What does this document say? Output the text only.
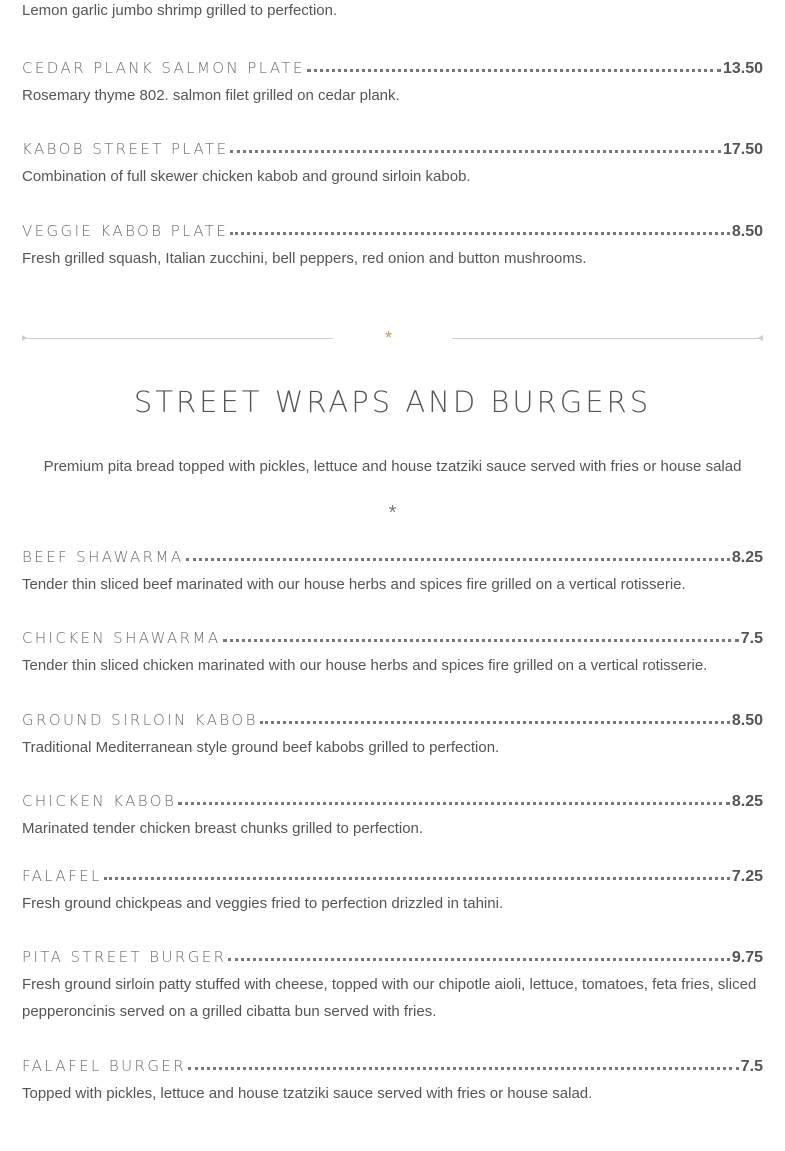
Lemon garlic jumbo shrimp grilled to perfection.
CEDAR PLANK SALMON PLATE	13.50
Rosemary thyme 802. salmon filet grilled on cedar plank.
KABOB STREET PLATE	17.50
Combination of full skewer chicken kabob and ground sirloin kabob.
VEGGIE KABOB PLATE	8.50
Fresh grilled squash, Italian zucchini, bell peppers, red onion and button mushrooms.
*
STREET WRAPS AND BURGERS
Premium pita bread topped with pickles, lettuce and house tzatziki sauce served with fries or house salad
*
BEEF SHAWARMA	8.25
Tender thin sliced beef marinated with our house herbs and spices fire grilled on a vertical rotisserie.
CHICKEN SHAWARMA	7.5
Tender thin sliced chicken marinated with our house herbs and spices fire grilled on a vertical rotisserie.
GROUND SIRLOIN KABOB	8.50
Traditional Mediterranean style ground beef kabobs grilled to perfection.
CHICKEN KABOB	8.25
Marinated tender chicken breast chunks grilled to perfection.
FALAFEL	7.25
Fresh ground chickpeas and veggies fried to perfection drizzled in tahini.
PITA STREET BURGER	9.75
Fresh ground sirloin patty stuffed with cheese, topped with our chipotle aioli, lettuce, tomatoes, feta fries, sliced pepperoncinis served on a grilled cibatta bun served with fries.
FALAFEL BURGER	7.5
Topped with pickles, lettuce and house tzatziki sauce served with fries or house salad.
